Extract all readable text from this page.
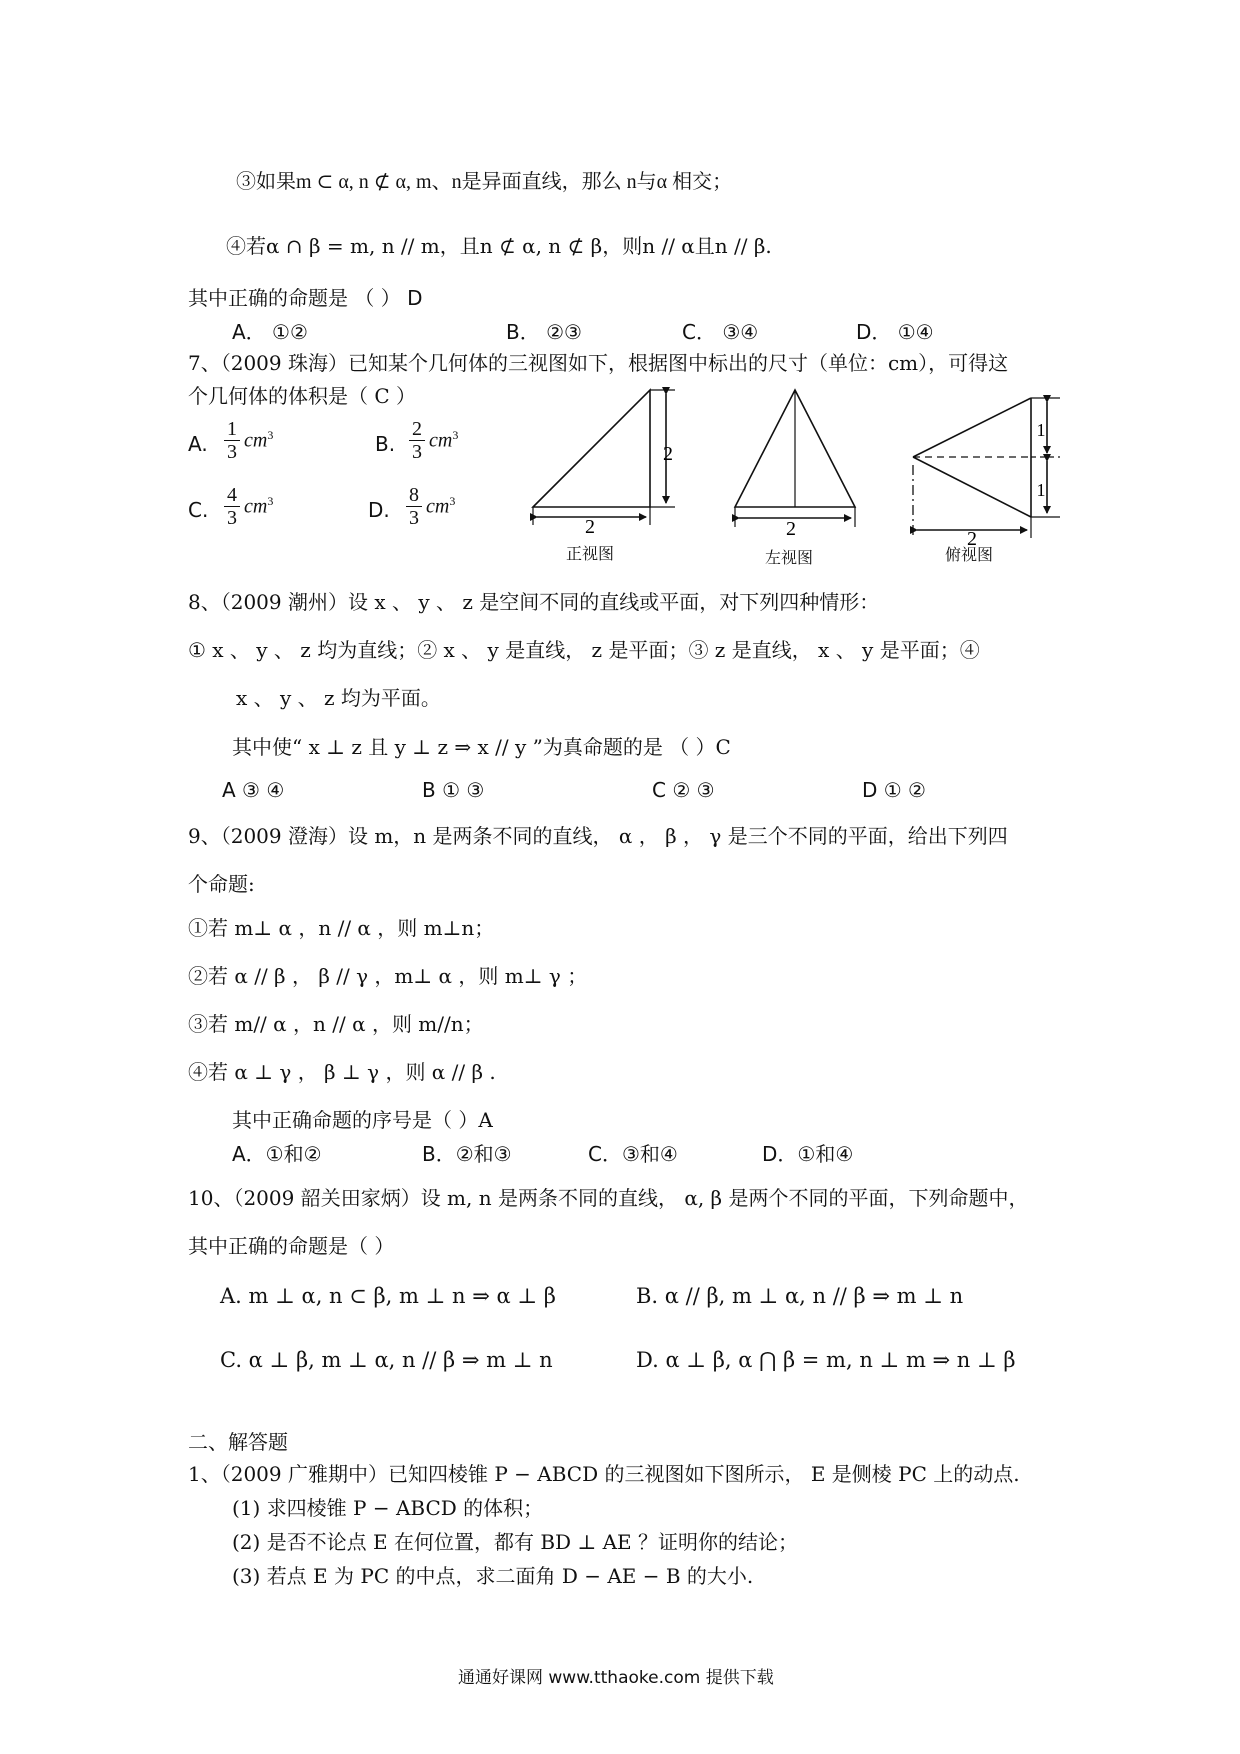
③如果m ⊂ α, n ⊄ α, m、n是异面直线，那么 n与α 相交；
④若α ∩ β = m, n // m，且n ⊄ α, n ⊄ β，则n // α且n // β.
其中正确的命题是 （ ） D
A． ①②	B． ②③	C． ③④	D． ①④
7、（2009 珠海）已知某个几何体的三视图如下，根据图中标出的尺寸（单位：cm），可得这
个几何体的体积是（ C ）
A.
1
3
$cm^3$	B.
2
3
$cm^3$
C.
4
3
$cm^3$	D.
8
3
$cm^3$
2
2
2	2
1
1
正视图	左视图	俯视图
8、（2009 潮州）设 x 、 y 、 z 是空间不同的直线或平面，对下列四种情形：
① x 、 y 、 z 均为直线；② x 、 y 是直线， z 是平面；③ z 是直线， x 、 y 是平面；④
x 、 y 、 z 均为平面。
其中使“ x ⊥ z 且 y ⊥ z ⇒ x // y ”为真命题的是 （ ）C
A ③ ④	B ① ③	C ② ③	D ① ②
9、（2009 澄海）设 m，n 是两条不同的直线， α ， β ， γ 是三个不同的平面，给出下列四
个命题:
①若 m⊥ α ，n // α ，则 m⊥n；
②若 α // β ， β // γ ，m⊥ α ，则 m⊥ γ ；
③若 m// α ，n // α ，则 m//n；
④若 α ⊥ γ ， β ⊥ γ ，则 α // β .
其中正确命题的序号是（ ）A
A．①和②	B．②和③	C．③和④	D．①和④
10、（2009 韶关田家炳）设 m, n 是两条不同的直线， α, β 是两个不同的平面，下列命题中，
其中正确的命题是（ ）
A. m ⊥ α, n ⊂ β, m ⊥ n ⇒ α ⊥ β	B. α // β, m ⊥ α, n // β ⇒ m ⊥ n
C. α ⊥ β, m ⊥ α, n // β ⇒ m ⊥ n	D. α ⊥ β, α ⋂ β = m, n ⊥ m ⇒ n ⊥ β
二、解答题
1、（2009 广雅期中）已知四棱锥 P − ABCD 的三视图如下图所示， E 是侧棱 PC 上的动点.
(1) 求四棱锥 P − ABCD 的体积；
(2) 是否不论点 E 在何位置，都有 BD ⊥ AE ？证明你的结论；
(3) 若点 E 为 PC 的中点，求二面角 D − AE − B 的大小.
通通好课网 www.tthaoke.com 提供下载
